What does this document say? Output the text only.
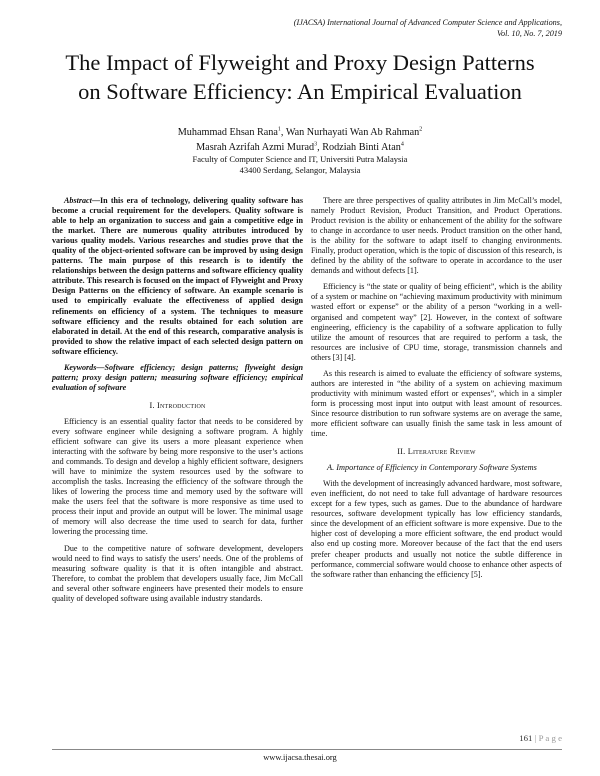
(IJACSA) International Journal of Advanced Computer Science and Applications,
Vol. 10, No. 7, 2019
The Impact of Flyweight and Proxy Design Patterns
on Software Efficiency: An Empirical Evaluation
Muhammad Ehsan Rana$^1$, Wan Nurhayati Wan Ab Rahman$^2$
Masrah Azrifah Azmi Murad$^3$, Rodziah Binti Atan$^4$
Faculty of Computer Science and IT, Universiti Putra Malaysia
43400 Serdang, Selangor, Malaysia

Abstract—In this era of technology, delivering quality software has become a crucial requirement for the developers. Quality software is able to help an organization to success and gain a competitive edge in the market. There are numerous quality attributes introduced by various quality models. Various researches and studies prove that the quality of the object-oriented software can be improved by using design patterns. The main purpose of this research is to identify the relationships between the design patterns and software efficiency quality attribute. This research is focused on the impact of Flyweight and Proxy Design Patterns on the efficiency of software. An example scenario is used to empirically evaluate the effectiveness of applied design refinements on efficiency of a system. The techniques to measure software efficiency and the results obtained for each solution are elaborated in detail. At the end of this research, comparative analysis is provided to show the relative impact of each selected design pattern on software efficiency.

Keywords—Software efficiency; design patterns; flyweight design pattern; proxy design pattern; measuring software efficiency; empirical evaluation of software

I. Introduction

Efficiency is an essential quality factor that needs to be considered by every software engineer while designing a software program. A highly efficient software can give its users a more pleasant experience when interacting with the software by being more responsive to the user’s actions and commands. To design and develop a highly efficient software, designers will have to minimize the system resources used by the software to accomplish the tasks. Increasing the efficiency of the software through the likes of lowering the process time and memory used by the software will make the users feel that the software is more responsive as time used to process their input and provide an output will be lower. The minimal usage of memory will also decrease the time used to search for data, further lowering the processing time.

Due to the competitive nature of software development, developers would need to find ways to satisfy the users’ needs. One of the problems of measuring software quality is that it is often intangible and abstract. Therefore, to combat the problem that developers usually face, Jim McCall and several other software engineers have presented their models to ensure quality of developed software using available industry standards.

There are three perspectives of quality attributes in Jim McCall’s model, namely Product Revision, Product Transition, and Product Operations. Product revision is the ability or enhancement of the ability for the software to change in accordance to user needs. Product transition on the other hand, is the ability for the software to adapt itself to changing environments. Finally, product operation, which is the topic of discussion of this research, is defined by the ability of the software to operate in accordance to the user demands and without defects [1].

Efficiency is “the state or quality of being efficient”, which is the ability of a system or machine on “achieving maximum productivity with minimum wasted effort or expense” or the ability of a person “working in a well-organised and competent way” [2]. However, in the context of software engineering, efficiency is the capability of a software application to fully utilize the amount of resources that are required to perform a task, the resources are inclusive of CPU time, storage, transmission channels and others [3] [4].

As this research is aimed to evaluate the efficiency of software systems, authors are interested in “the ability of a system on achieving maximum productivity with minimum wasted effort or expenses”, which in a simpler form is processing most input into output with least amount of resources. Since resource distribution to run software systems are on average the same, more efficient software can usually finish the same task in less amount of time.

II. Literature Review

A. Importance of Efficiency in Contemporary Software Systems

With the development of increasingly advanced hardware, most software, even inefficient, do not need to take full advantage of hardware resources except for a few types, such as games. Due to the abundance of hardware resources, software development typically has low efficiency standards, since the development of an efficient software is more expensive. Due to the higher cost of developing a more efficient software, the end product would also end up costing more. Moreover because of the fact that the end users prefer cheaper products and usually not notice the subtle difference in performance, commercial software would choose to enhance other aspects of the software rather than enhancing the efficiency [5].

161 | P a g e
www.ijacsa.thesai.org
